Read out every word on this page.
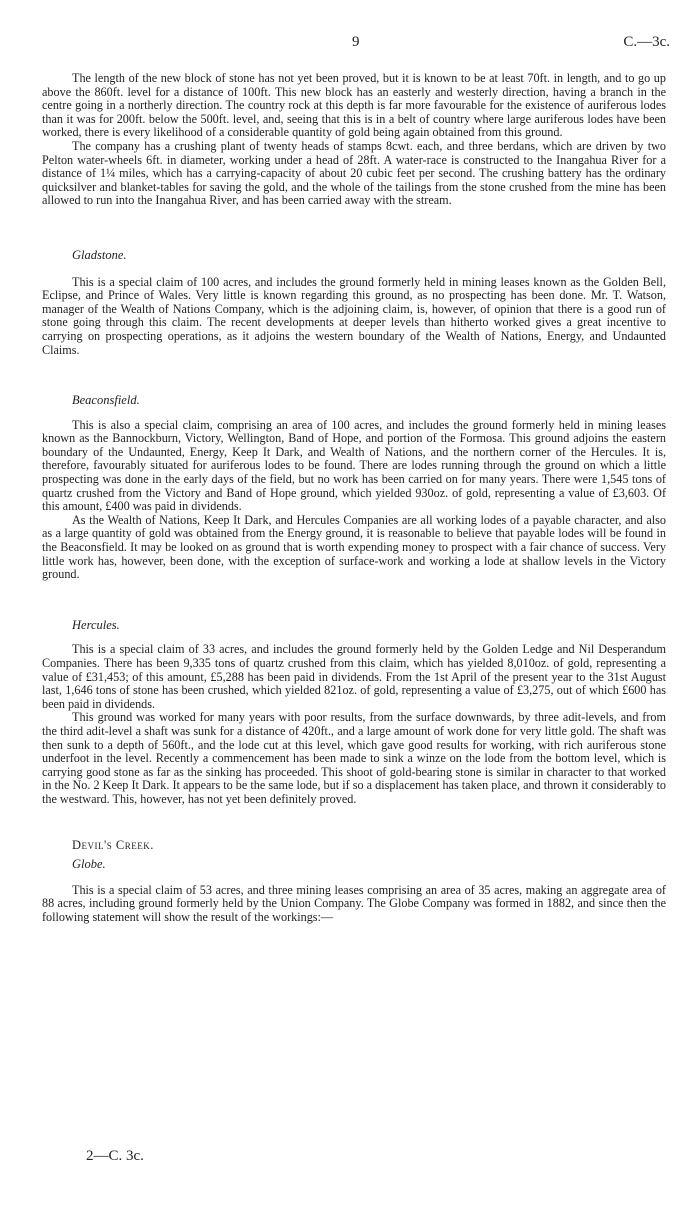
9	C.—3c.

The length of the new block of stone has not yet been proved, but it is known to be at least 70ft. in length, and to go up above the 860ft. level for a distance of 100ft. This new block has an easterly and westerly direction, having a branch in the centre going in a northerly direction. The country rock at this depth is far more favourable for the existence of auriferous lodes than it was for 200ft. below the 500ft. level, and, seeing that this is in a belt of country where large auriferous lodes have been worked, there is every likelihood of a considerable quantity of gold being again obtained from this ground.

The company has a crushing plant of twenty heads of stamps 8cwt. each, and three berdans, which are driven by two Pelton water-wheels 6ft. in diameter, working under a head of 28ft. A water-race is constructed to the Inangahua River for a distance of 1¼ miles, which has a carrying-capacity of about 20 cubic feet per second. The crushing battery has the ordinary quicksilver and blanket-tables for saving the gold, and the whole of the tailings from the stone crushed from the mine has been allowed to run into the Inangahua River, and has been carried away with the stream.

Gladstone.

This is a special claim of 100 acres, and includes the ground formerly held in mining leases known as the Golden Bell, Eclipse, and Prince of Wales. Very little is known regarding this ground, as no prospecting has been done. Mr. T. Watson, manager of the Wealth of Nations Company, which is the adjoining claim, is, however, of opinion that there is a good run of stone going through this claim. The recent developments at deeper levels than hitherto worked gives a great incentive to carrying on prospecting operations, as it adjoins the western boundary of the Wealth of Nations, Energy, and Undaunted Claims.

Beaconsfield.

This is also a special claim, comprising an area of 100 acres, and includes the ground formerly held in mining leases known as the Bannockburn, Victory, Wellington, Band of Hope, and portion of the Formosa. This ground adjoins the eastern boundary of the Undaunted, Energy, Keep It Dark, and Wealth of Nations, and the northern corner of the Hercules. It is, therefore, favourably situated for auriferous lodes to be found. There are lodes running through the ground on which a little prospecting was done in the early days of the field, but no work has been carried on for many years. There were 1,545 tons of quartz crushed from the Victory and Band of Hope ground, which yielded 930oz. of gold, representing a value of £3,603. Of this amount, £400 was paid in dividends.

As the Wealth of Nations, Keep It Dark, and Hercules Companies are all working lodes of a payable character, and also as a large quantity of gold was obtained from the Energy ground, it is reasonable to believe that payable lodes will be found in the Beaconsfield. It may be looked on as ground that is worth expending money to prospect with a fair chance of success. Very little work has, however, been done, with the exception of surface-work and working a lode at shallow levels in the Victory ground.

Hercules.

This is a special claim of 33 acres, and includes the ground formerly held by the Golden Ledge and Nil Desperandum Companies. There has been 9,335 tons of quartz crushed from this claim, which has yielded 8,010oz. of gold, representing a value of £31,453; of this amount, £5,288 has been paid in dividends. From the 1st April of the present year to the 31st August last, 1,646 tons of stone has been crushed, which yielded 821oz. of gold, representing a value of £3,275, out of which £600 has been paid in dividends.

This ground was worked for many years with poor results, from the surface downwards, by three adit-levels, and from the third adit-level a shaft was sunk for a distance of 420ft., and a large amount of work done for very little gold. The shaft was then sunk to a depth of 560ft., and the lode cut at this level, which gave good results for working, with rich auriferous stone underfoot in the level. Recently a commencement has been made to sink a winze on the lode from the bottom level, which is carrying good stone as far as the sinking has proceeded. This shoot of gold-bearing stone is similar in character to that worked in the No. 2 Keep It Dark. It appears to be the same lode, but if so a displacement has taken place, and thrown it considerably to the westward. This, however, has not yet been definitely proved.

Devil's Creek.

Globe.

This is a special claim of 53 acres, and three mining leases comprising an area of 35 acres, making an aggregate area of 88 acres, including ground formerly held by the Union Company. The Globe Company was formed in 1882, and since then the following statement will show the result of the workings:—

2—C. 3c.
